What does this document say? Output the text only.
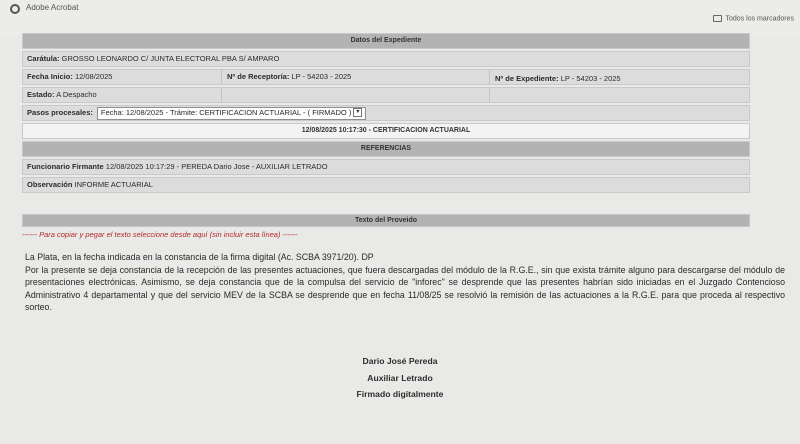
Adobe Acrobat
Todos los marcadores
Datos del Expediente
Carátula: GROSSO LEONARDO C/ JUNTA ELECTORAL PBA S/ AMPARO
Fecha Inicio: 12/08/2025	Nº de Receptoría: LP - 54203 - 2025	Nº de Expediente: LP - 54203 - 2025
Estado: A Despacho
Pasos procesales: Fecha: 12/08/2025 - Trámite: CERTIFICACION ACTUARIAL - ( FIRMADO ) ▾
12/08/2025 10:17:30 - CERTIFICACION ACTUARIAL
REFERENCIAS
Funcionario Firmante 12/08/2025 10:17:29 - PEREDA Dario Jose - AUXILIAR LETRADO
Observación INFORME ACTUARIAL
Texto del Proveido
------ Para copiar y pegar el texto seleccione desde aquí (sin incluir esta línea) ------

La Plata, en la fecha indicada en la constancia de la firma digital (Ac. SCBA 3971/20). DP

Por la presente se deja constancia de la recepción de las presentes actuaciones, que fuera descargadas del módulo de la R.G.E., sin que exista trámite alguno para descargarse del módulo de presentaciones electrónicas. Asimismo, se deja constancia que de la compulsa del servicio de "inforec" se desprende que las presentes habrían sido iniciadas en el Juzgado Contencioso Administrativo 4 departamental y que del servicio MEV de la SCBA se desprende que en fecha 11/08/25 se resolvió la remisión de las actuaciones a la R.G.E. para que proceda al respectivo sorteo.

Dario José Pereda
Auxiliar Letrado
Firmado digitalmente
